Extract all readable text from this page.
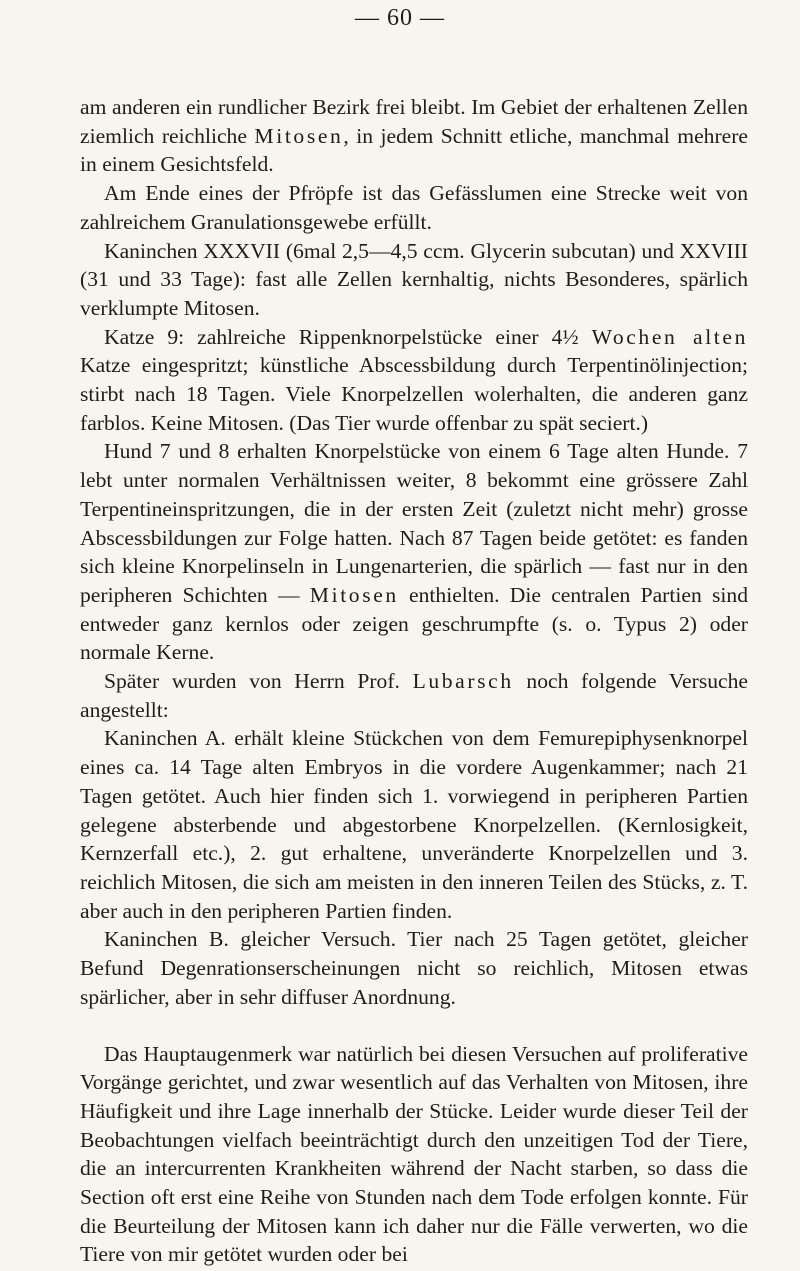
— 60 —

am anderen ein rundlicher Bezirk frei bleibt. Im Gebiet der erhaltenen Zellen ziemlich reichliche Mitosen, in jedem Schnitt etliche, manchmal mehrere in einem Gesichtsfeld.

Am Ende eines der Pfröpfe ist das Gefässlumen eine Strecke weit von zahlreichem Granulationsgewebe erfüllt.

Kaninchen XXXVII (6mal 2,5—4,5 ccm. Glycerin subcutan) und XXVIII (31 und 33 Tage): fast alle Zellen kernhaltig, nichts Besonderes, spärlich verklumpte Mitosen.

Katze 9: zahlreiche Rippenknorpelstücke einer 4½ Wochen alten Katze eingespritzt; künstliche Abscessbildung durch Terpentinölinjection; stirbt nach 18 Tagen. Viele Knorpelzellen wolerhalten, die anderen ganz farblos. Keine Mitosen. (Das Tier wurde offenbar zu spät seciert.)

Hund 7 und 8 erhalten Knorpelstücke von einem 6 Tage alten Hunde. 7 lebt unter normalen Verhältnissen weiter, 8 bekommt eine grössere Zahl Terpentineinspritzungen, die in der ersten Zeit (zuletzt nicht mehr) grosse Abscessbildungen zur Folge hatten. Nach 87 Tagen beide getötet: es fanden sich kleine Knorpelinseln in Lungenarterien, die spärlich — fast nur in den peripheren Schichten — Mitosen enthielten. Die centralen Partien sind entweder ganz kernlos oder zeigen geschrumpfte (s. o. Typus 2) oder normale Kerne.

Später wurden von Herrn Prof. Lubarsch noch folgende Versuche angestellt:

Kaninchen A. erhält kleine Stückchen von dem Femurepiphysenknorpel eines ca. 14 Tage alten Embryos in die vordere Augenkammer; nach 21 Tagen getötet. Auch hier finden sich 1. vorwiegend in peripheren Partien gelegene absterbende und abgestorbene Knorpelzellen. (Kernlosigkeit, Kernzerfall etc.), 2. gut erhaltene, unveränderte Knorpelzellen und 3. reichlich Mitosen, die sich am meisten in den inneren Teilen des Stücks, z. T. aber auch in den peripheren Partien finden.

Kaninchen B. gleicher Versuch. Tier nach 25 Tagen getötet, gleicher Befund Degenrationserscheinungen nicht so reichlich, Mitosen etwas spärlicher, aber in sehr diffuser Anordnung.

Das Hauptaugenmerk war natürlich bei diesen Versuchen auf proliferative Vorgänge gerichtet, und zwar wesentlich auf das Verhalten von Mitosen, ihre Häufigkeit und ihre Lage innerhalb der Stücke. Leider wurde dieser Teil der Beobachtungen vielfach beeinträchtigt durch den unzeitigen Tod der Tiere, die an intercurrenten Krankheiten während der Nacht starben, so dass die Section oft erst eine Reihe von Stunden nach dem Tode erfolgen konnte. Für die Beurteilung der Mitosen kann ich daher nur die Fälle verwerten, wo die Tiere von mir getötet wurden oder bei
